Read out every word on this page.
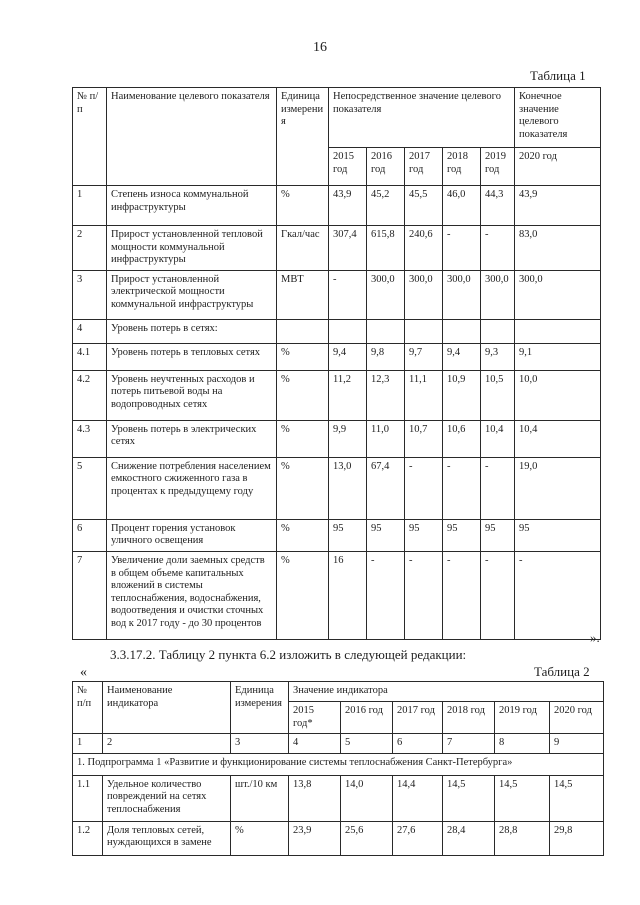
16
Таблица 1
№ п/п	Наименование целевого показателя	Единица измерения	Непосредственное значение целевого показателя					Конечное значение целевого показателя
			2015 год	2016 год	2017 год	2018 год	2019 год	2020 год
1	Степень износа коммунальной инфраструктуры	%	43,9	45,2	45,5	46,0	44,3	43,9
2	Прирост установленной тепловой мощности коммунальной инфраструктуры	Гкал/час	307,4	615,8	240,6	-	-	83,0
3	Прирост установленной электрической мощности коммунальной инфраструктуры	МВТ	-	300,0	300,0	300,0	300,0	300,0
4	Уровень потерь в сетях:							
4.1	Уровень потерь в тепловых сетях	%	9,4	9,8	9,7	9,4	9,3	9,1
4.2	Уровень неучтенных расходов и потерь питьевой воды на водопроводных сетях	%	11,2	12,3	11,1	10,9	10,5	10,0
4.3	Уровень потерь в электрических сетях	%	9,9	11,0	10,7	10,6	10,4	10,4
5	Снижение потребления населением емкостного сжиженного газа в процентах к предыдущему году	%	13,0	67,4	-	-	-	19,0
6	Процент горения установок уличного освещения	%	95	95	95	95	95	95
7	Увеличение доли заемных средств в общем объеме капитальных вложений в системы теплоснабжения, водоснабжения, водоотведения и очистки сточных вод к 2017 году - до 30 процентов	%	16	-	-	-	-	-
».
3.3.17.2. Таблицу 2 пункта 6.2 изложить в следующей редакции:
«	Таблица 2
№ п/п	Наименование индикатора	Единица измерения	Значение индикатора					
			2015 год*	2016 год	2017 год	2018 год	2019 год	2020 год
1	2	3	4	5	6	7	8	9
1. Подпрограмма 1 «Развитие и функционирование системы теплоснабжения Санкт-Петербурга»								
1.1	Удельное количество повреждений на сетях теплоснабжения	шт./10 км	13,8	14,0	14,4	14,5	14,5	14,5
1.2	Доля тепловых сетей, нуждающихся в замене	%	23,9	25,6	27,6	28,4	28,8	29,8
